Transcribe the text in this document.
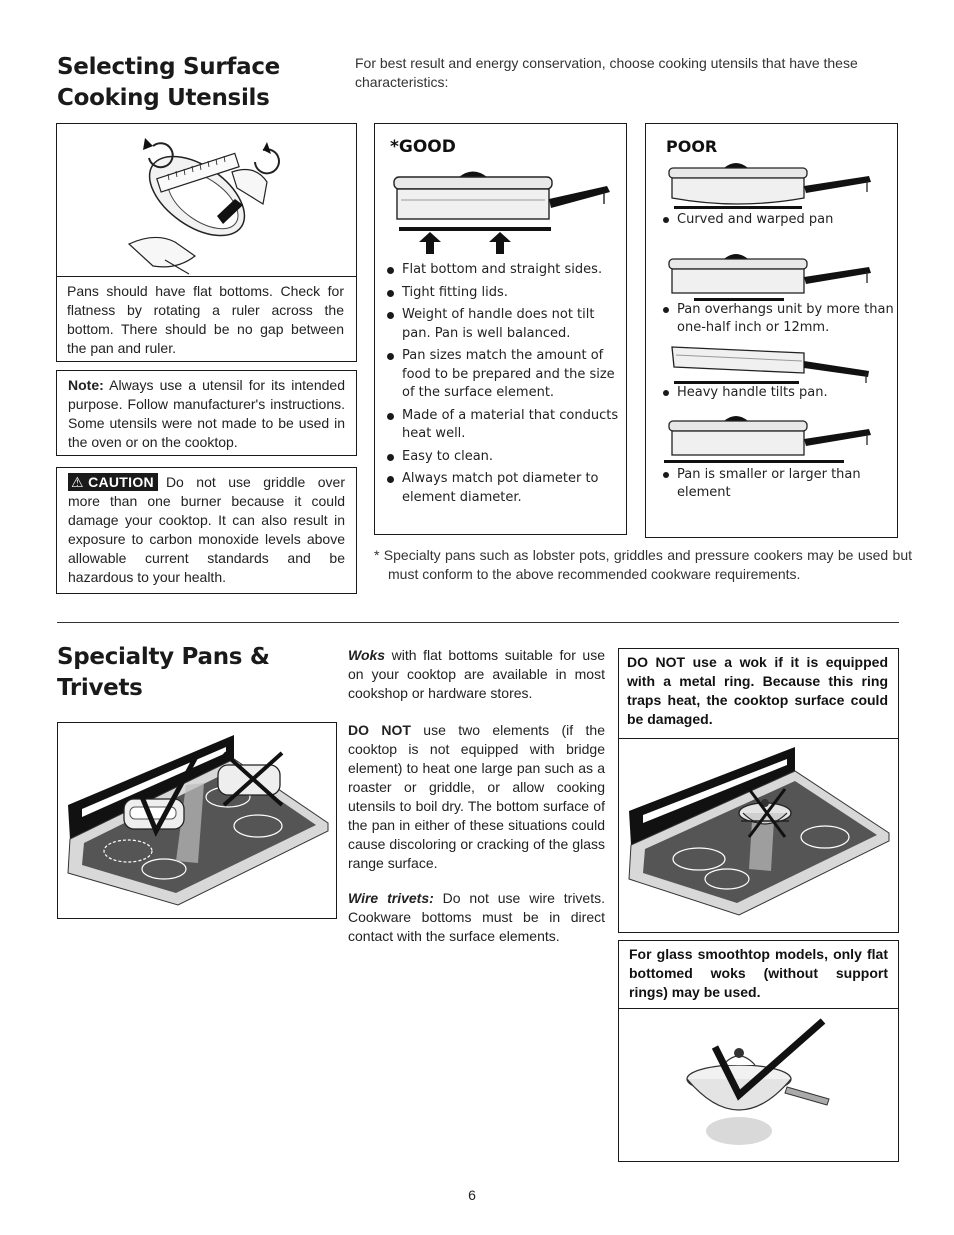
Selecting Surface
Cooking Utensils
For best result and energy conservation, choose cooking utensils that have these characteristics:
Pans should have flat bottoms. Check for flatness by rotating a ruler across the bottom. There should be no gap between the pan and ruler.
Note: Always use a utensil for its intended purpose. Follow manufacturer's instructions. Some utensils were not made to be used in the oven or on the cooktop.
⚠ CAUTION Do not use griddle over more than one burner because it could damage your cooktop. It can also result in exposure to carbon monoxide levels above allowable current standards and be hazardous to your health.
*GOOD
Flat bottom and straight sides.
Tight fitting lids.
Weight of handle does not tilt pan. Pan is well balanced.
Pan sizes match the amount of food to be prepared and the size of the surface element.
Made of a material that conducts heat well.
Easy to clean.
Always match pot diameter to element diameter.
POOR
Curved and warped pan
Pan overhangs unit by more than one-half inch or 12mm.
Heavy handle tilts pan.
Pan is smaller or larger than element
* Specialty pans such as lobster pots, griddles and pressure cookers may be used but must conform to the above recommended cookware requirements.
Specialty Pans & Trivets
Woks with flat bottoms suitable for use on your cooktop are available in most cookshop or hardware stores.
DO NOT use two elements (if the cooktop is not equipped with bridge element) to heat one large pan such as a roaster or griddle, or allow cooking utensils to boil dry. The bottom surface of the pan in either of these situations could cause discoloring or cracking of the glass range surface.
Wire trivets: Do not use wire trivets. Cookware bottoms must be in direct contact with the surface elements.
DO NOT use a wok if it is equipped with a metal ring. Because this ring traps heat, the cooktop surface could be damaged.
For glass smoothtop models, only flat bottomed woks (without support rings) may be used.
6
